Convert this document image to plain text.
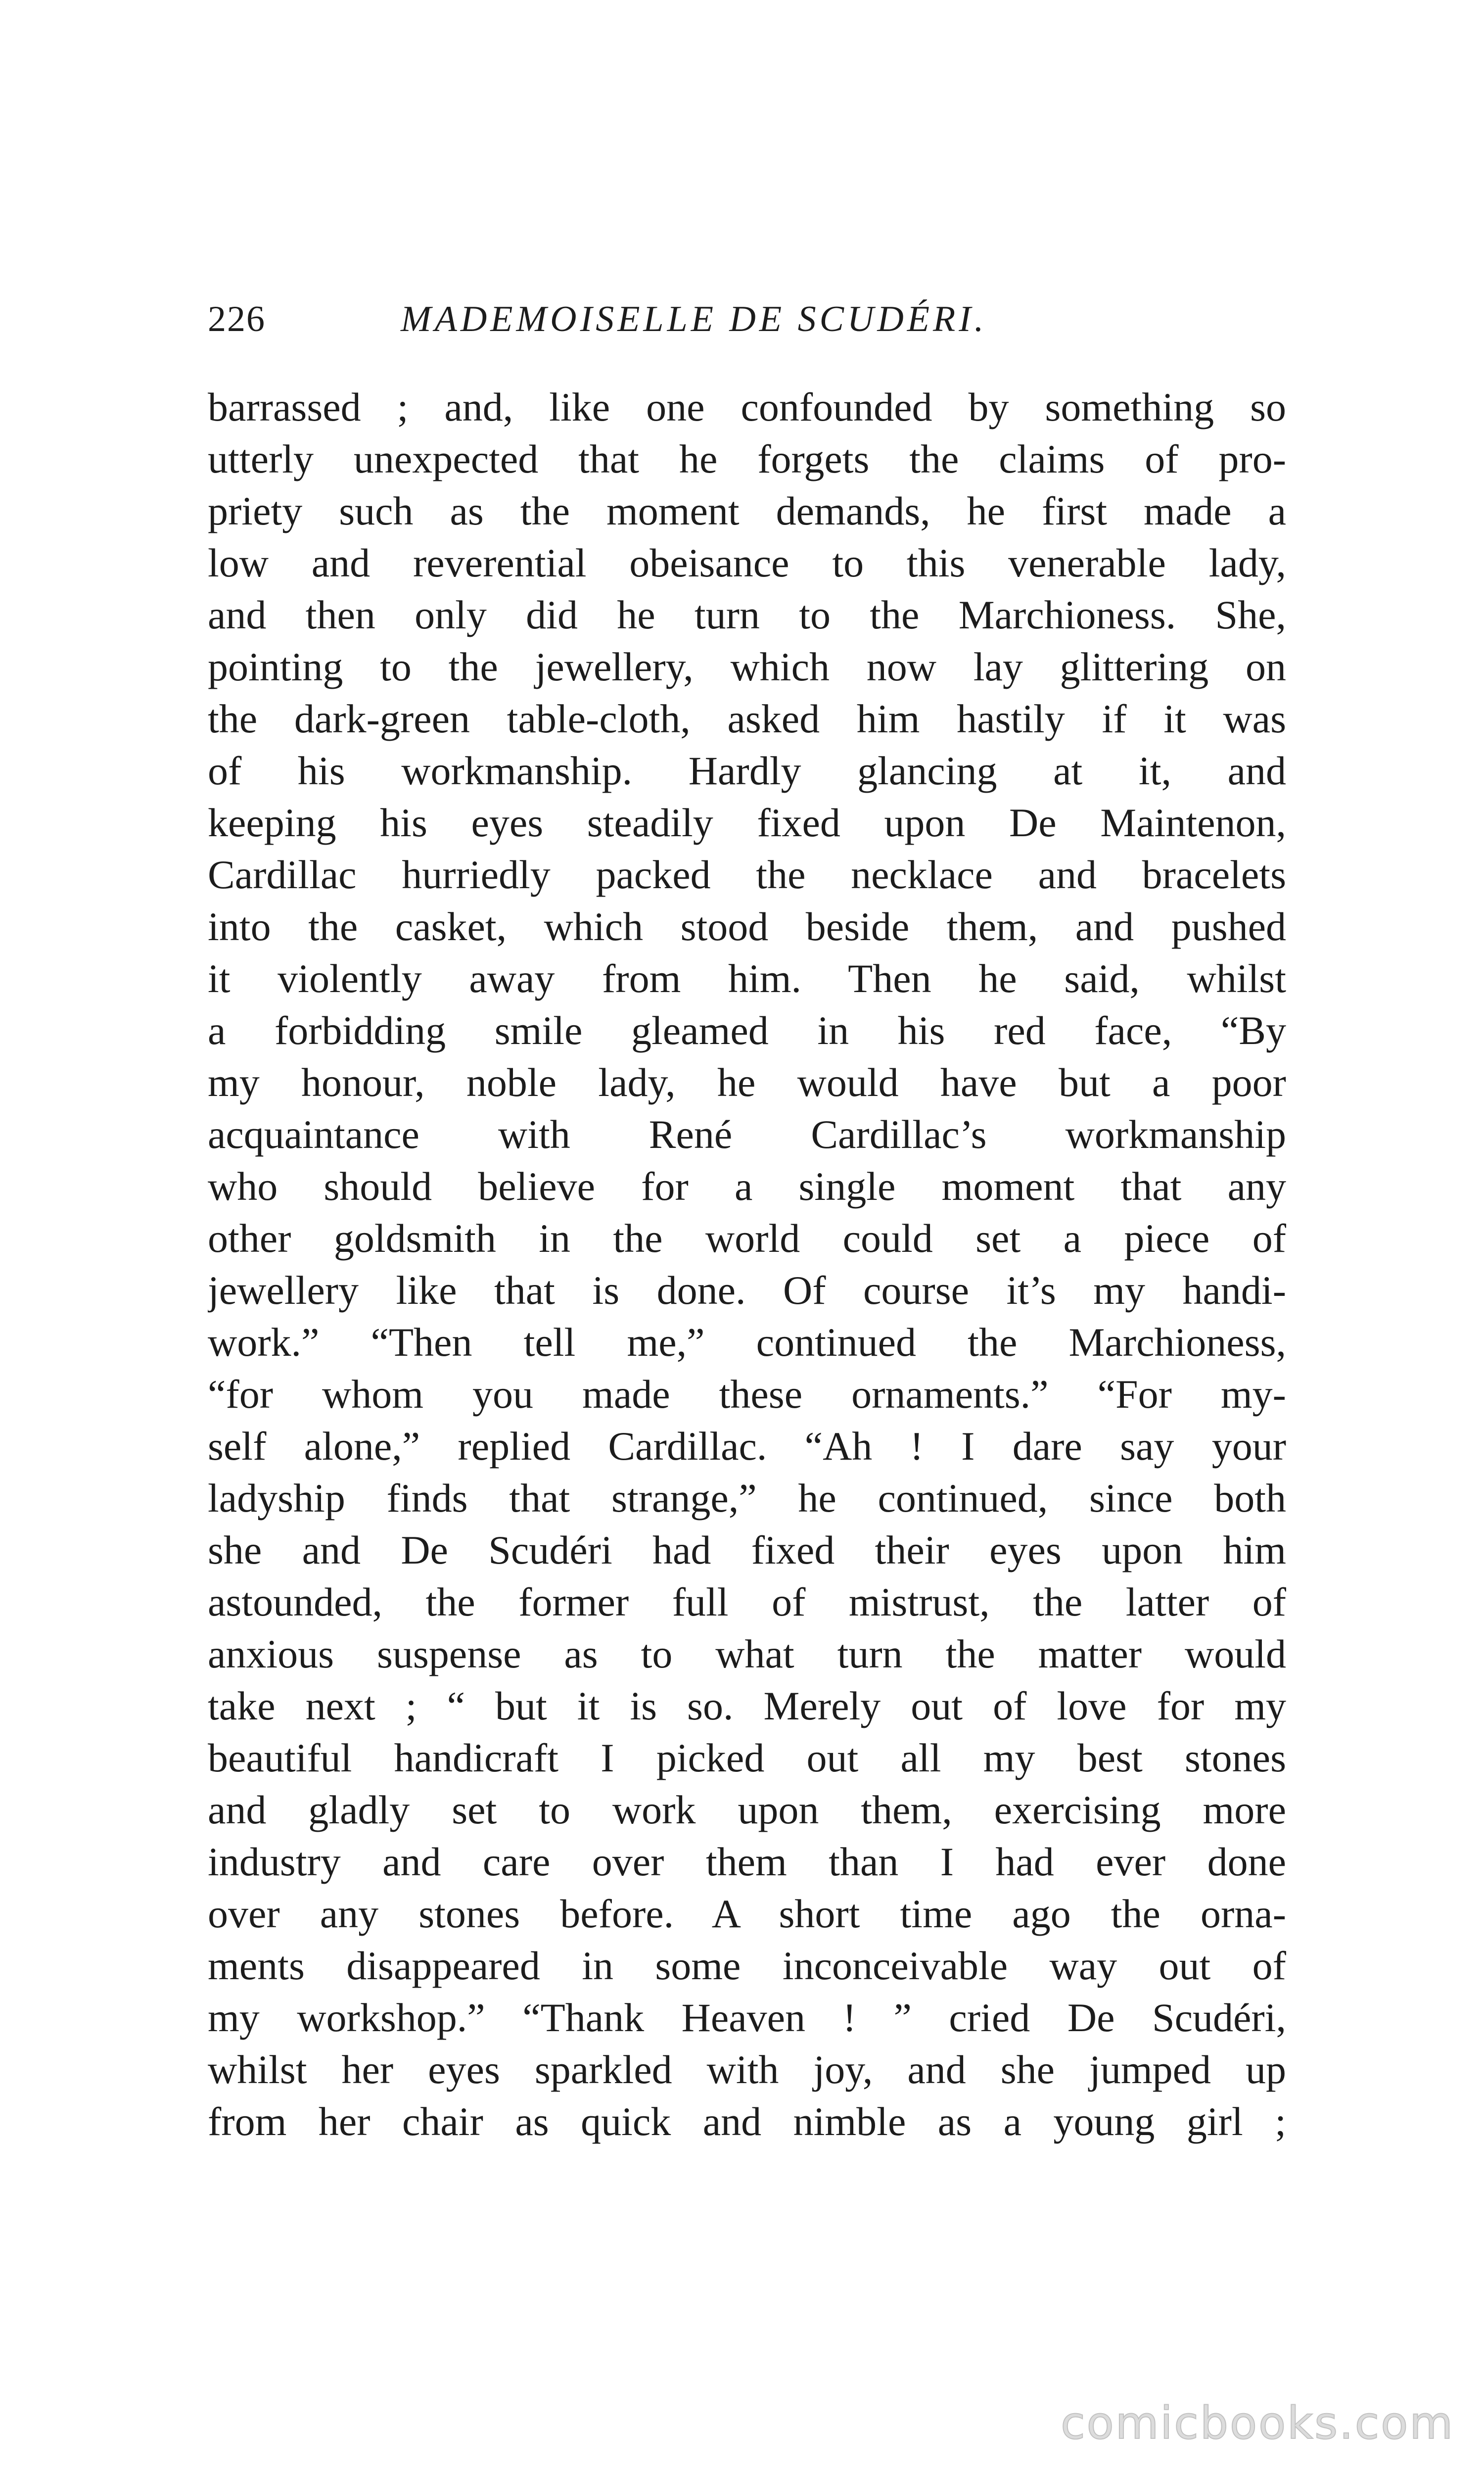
226	MADEMOISELLE DE SCUDÉRI.
barrassed ; and, like one confounded by something so
utterly unexpected that he forgets the claims of pro-
priety such as the moment demands, he first made a
low and reverential obeisance to this venerable lady,
and then only did he turn to the Marchioness. She,
pointing to the jewellery, which now lay glittering on
the dark-green table-cloth, asked him hastily if it was
of his workmanship. Hardly glancing at it, and
keeping his eyes steadily fixed upon De Maintenon,
Cardillac hurriedly packed the necklace and bracelets
into the casket, which stood beside them, and pushed
it violently away from him. Then he said, whilst
a forbidding smile gleamed in his red face, “By
my honour, noble lady, he would have but a poor
acquaintance with René Cardillac’s workmanship
who should believe for a single moment that any
other goldsmith in the world could set a piece of
jewellery like that is done. Of course it’s my handi-
work.” “Then tell me,” continued the Marchioness,
“for whom you made these ornaments.” “For my-
self alone,” replied Cardillac. “Ah ! I dare say your
ladyship finds that strange,” he continued, since both
she and De Scudéri had fixed their eyes upon him
astounded, the former full of mistrust, the latter of
anxious suspense as to what turn the matter would
take next ; “ but it is so. Merely out of love for my
beautiful handicraft I picked out all my best stones
and gladly set to work upon them, exercising more
industry and care over them than I had ever done
over any stones before. A short time ago the orna-
ments disappeared in some inconceivable way out of
my workshop.” “Thank Heaven ! ” cried De Scudéri,
whilst her eyes sparkled with joy, and she jumped up
from her chair as quick and nimble as a young girl ;
comicbooks.com
